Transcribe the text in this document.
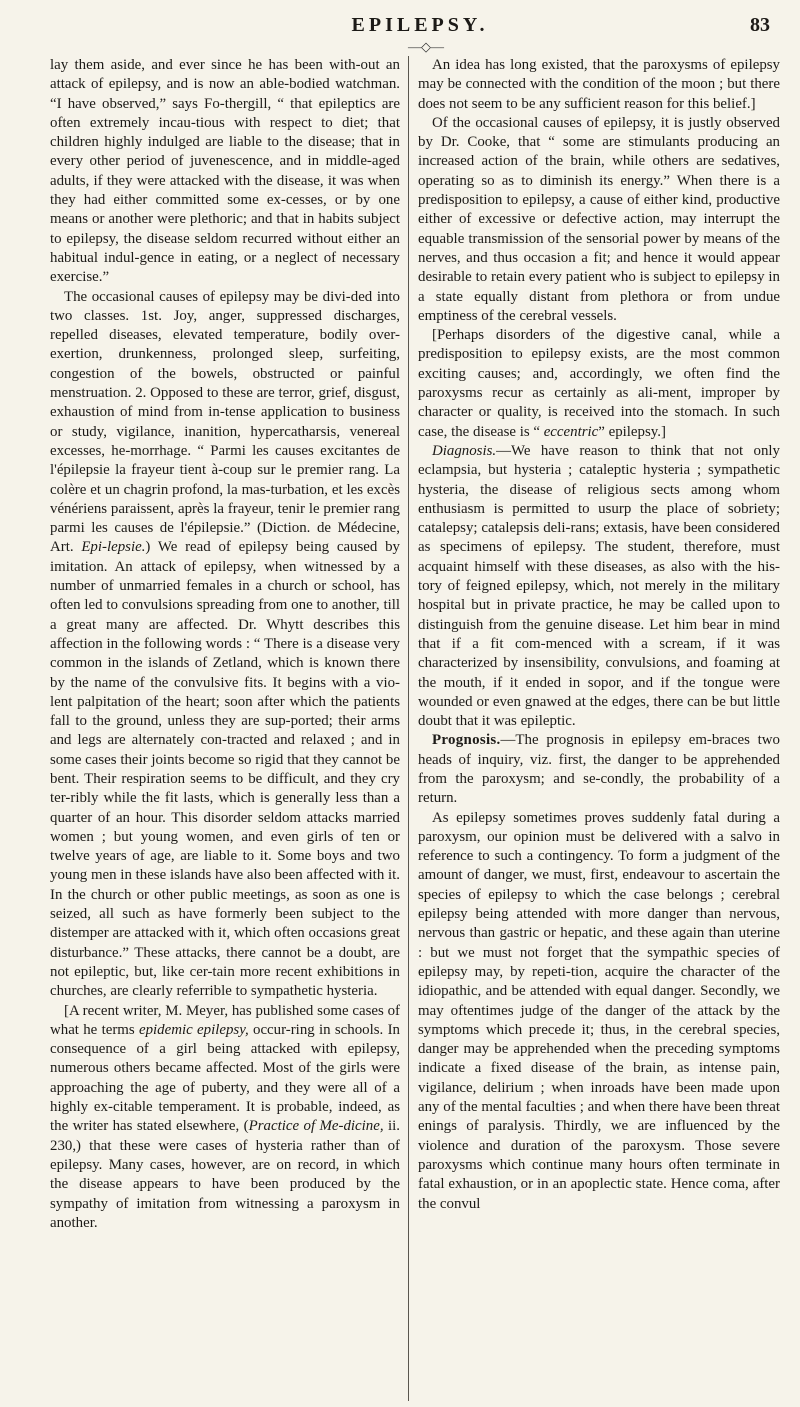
EPILEPSY.	83
—◇—

lay them aside, and ever since he has been with-out an attack of epilepsy, and is now an able-bodied watchman. “I have observed,” says Fo-thergill, “ that epileptics are often extremely incau-tious with respect to diet; that children highly indulged are liable to the disease; that in every other period of juvenescence, and in middle-aged adults, if they were attacked with the disease, it was when they had either committed some ex-cesses, or by one means or another were plethoric; and that in habits subject to epilepsy, the disease seldom recurred without either an habitual indul-gence in eating, or a neglect of necessary exercise.”

The occasional causes of epilepsy may be divi-ded into two classes. 1st. Joy, anger, suppressed discharges, repelled diseases, elevated temperature, bodily over-exertion, drunkenness, prolonged sleep, surfeiting, congestion of the bowels, obstructed or painful menstruation. 2. Opposed to these are terror, grief, disgust, exhaustion of mind from in-tense application to business or study, vigilance, inanition, hypercatharsis, venereal excesses, he-morrhage. “ Parmi les causes excitantes de l'épilepsie la frayeur tient à-coup sur le premier rang. La colère et un chagrin profond, la mas-turbation, et les excès vénériens paraissent, après la frayeur, tenir le premier rang parmi les causes de l'épilepsie.” (Diction. de Médecine, Art. Epi-lepsie.) We read of epilepsy being caused by imitation. An attack of epilepsy, when witnessed by a number of unmarried females in a church or school, has often led to convulsions spreading from one to another, till a great many are affected. Dr. Whytt describes this affection in the following words : “ There is a disease very common in the islands of Zetland, which is known there by the name of the convulsive fits. It begins with a vio-lent palpitation of the heart; soon after which the patients fall to the ground, unless they are sup-ported; their arms and legs are alternately con-tracted and relaxed ; and in some cases their joints become so rigid that they cannot be bent. Their respiration seems to be difficult, and they cry ter-ribly while the fit lasts, which is generally less than a quarter of an hour. This disorder seldom attacks married women ; but young women, and even girls of ten or twelve years of age, are liable to it. Some boys and two young men in these islands have also been affected with it. In the church or other public meetings, as soon as one is seized, all such as have formerly been subject to the distemper are attacked with it, which often occasions great disturbance.” These attacks, there cannot be a doubt, are not epileptic, but, like cer-tain more recent exhibitions in churches, are clearly referrible to sympathetic hysteria.

[A recent writer, M. Meyer, has published some cases of what he terms epidemic epilepsy, occur-ring in schools. In consequence of a girl being attacked with epilepsy, numerous others became affected. Most of the girls were approaching the age of puberty, and they were all of a highly ex-citable temperament. It is probable, indeed, as the writer has stated elsewhere, (Practice of Me-dicine, ii. 230,) that these were cases of hysteria rather than of epilepsy. Many cases, however, are on record, in which the disease appears to have been produced by the sympathy of imitation from witnessing a paroxysm in another.

An idea has long existed, that the paroxysms of epilepsy may be connected with the condition of the moon ; but there does not seem to be any sufficient reason for this belief.]

Of the occasional causes of epilepsy, it is justly observed by Dr. Cooke, that “ some are stimulants producing an increased action of the brain, while others are sedatives, operating so as to diminish its energy.” When there is a predisposition to epilepsy, a cause of either kind, productive either of excessive or defective action, may interrupt the equable transmission of the sensorial power by means of the nerves, and thus occasion a fit; and hence it would appear desirable to retain every patient who is subject to epilepsy in a state equally distant from plethora or from undue emptiness of the cerebral vessels.

[Perhaps disorders of the digestive canal, while a predisposition to epilepsy exists, are the most common exciting causes; and, accordingly, we often find the paroxysms recur as certainly as ali-ment, improper by character or quality, is received into the stomach. In such case, the disease is “ eccentric” epilepsy.]

Diagnosis.—We have reason to think that not only eclampsia, but hysteria ; cataleptic hysteria ; sympathetic hysteria, the disease of religious sects among whom enthusiasm is permitted to usurp the place of sobriety; catalepsy; catalepsis deli-rans; extasis, have been considered as specimens of epilepsy. The student, therefore, must acquaint himself with these diseases, as also with the his-tory of feigned epilepsy, which, not merely in the military hospital but in private practice, he may be called upon to distinguish from the genuine disease. Let him bear in mind that if a fit com-menced with a scream, if it was characterized by insensibility, convulsions, and foaming at the mouth, if it ended in sopor, and if the tongue were wounded or even gnawed at the edges, there can be but little doubt that it was epileptic.

Prognosis.—The prognosis in epilepsy em-braces two heads of inquiry, viz. first, the danger to be apprehended from the paroxysm; and se-condly, the probability of a return.

As epilepsy sometimes proves suddenly fatal during a paroxysm, our opinion must be delivered with a salvo in reference to such a contingency. To form a judgment of the amount of danger, we must, first, endeavour to ascertain the species of epilepsy to which the case belongs ; cerebral epilepsy being attended with more danger than nervous, nervous than gastric or hepatic, and these again than uterine : but we must not forget that the sympathic species of epilepsy may, by repeti-tion, acquire the character of the idiopathic, and be attended with equal danger. Secondly, we may oftentimes judge of the danger of the attack by the symptoms which precede it; thus, in the cerebral species, danger may be apprehended when the preceding symptoms indicate a fixed disease of the brain, as intense pain, vigilance, delirium ; when inroads have been made upon any of the mental faculties ; and when there have been threat enings of paralysis. Thirdly, we are influenced by the violence and duration of the paroxysm. Those severe paroxysms which continue many hours often terminate in fatal exhaustion, or in an apoplectic state. Hence coma, after the convul
